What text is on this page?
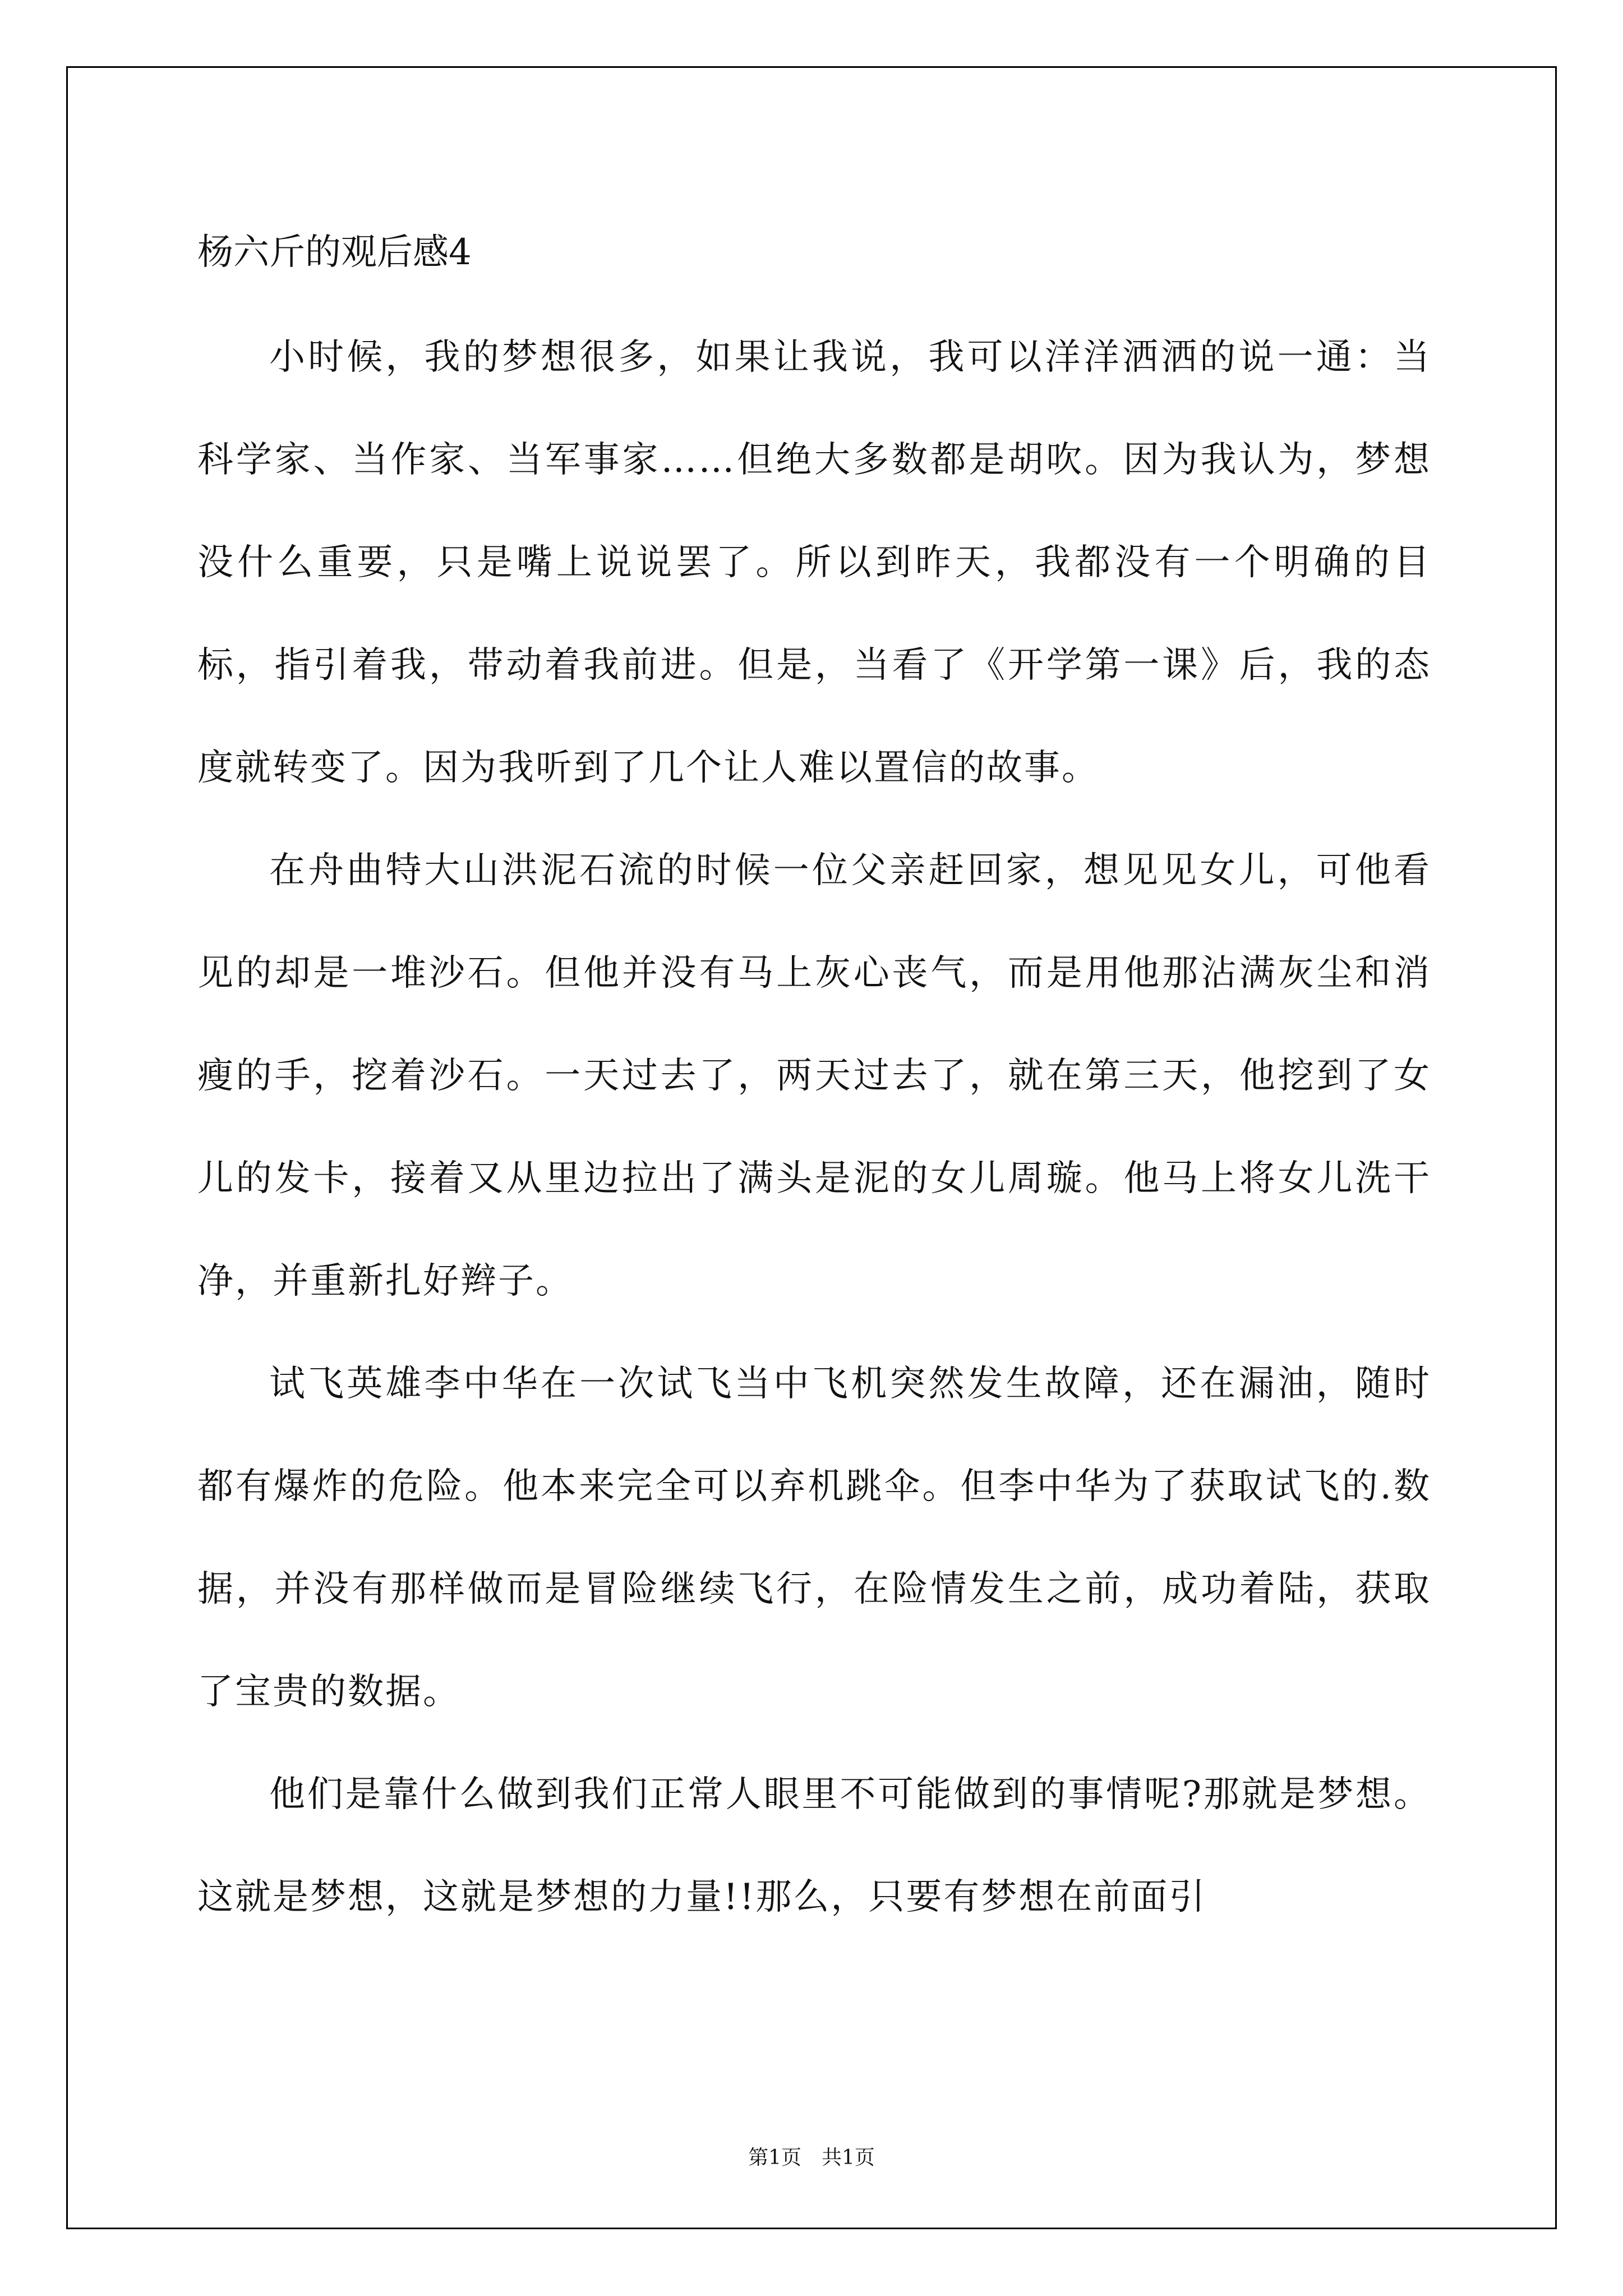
杨六斤的观后感4

小时候，我的梦想很多，如果让我说，我可以洋洋洒洒的说一通：当科学家、当作家、当军事家……但绝大多数都是胡吹。因为我认为，梦想没什么重要，只是嘴上说说罢了。所以到昨天，我都没有一个明确的目标，指引着我，带动着我前进。但是，当看了《开学第一课》后，我的态度就转变了。因为我听到了几个让人难以置信的故事。

在舟曲特大山洪泥石流的时候一位父亲赶回家，想见见女儿，可他看见的却是一堆沙石。但他并没有马上灰心丧气，而是用他那沾满灰尘和消瘦的手，挖着沙石。一天过去了，两天过去了，就在第三天，他挖到了女儿的发卡，接着又从里边拉出了满头是泥的女儿周璇。他马上将女儿洗干净，并重新扎好辫子。

试飞英雄李中华在一次试飞当中飞机突然发生故障，还在漏油，随时都有爆炸的危险。他本来完全可以弃机跳伞。但李中华为了获取试飞的.数据，并没有那样做而是冒险继续飞行，在险情发生之前，成功着陆，获取了宝贵的数据。

他们是靠什么做到我们正常人眼里不可能做到的事情呢?那就是梦想。这就是梦想，这就是梦想的力量!!那么，只要有梦想在前面引

第1页　共1页
